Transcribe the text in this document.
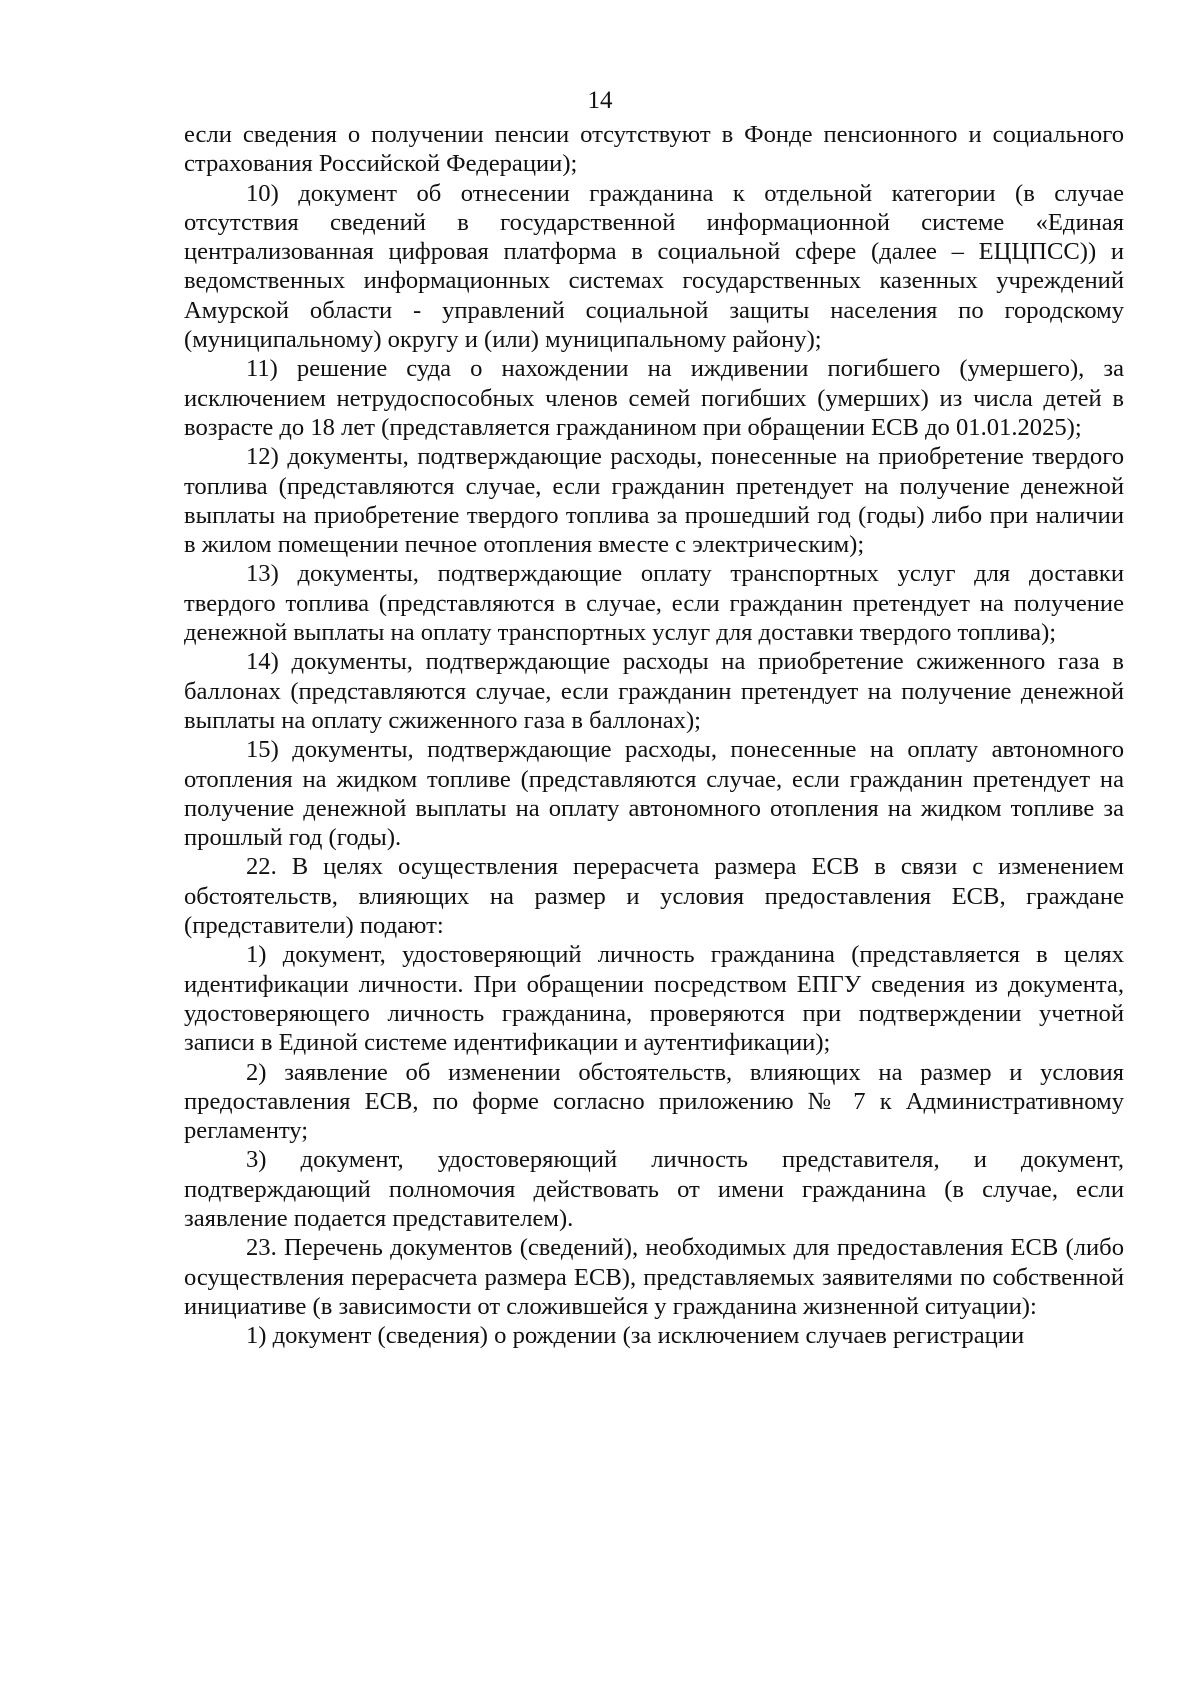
14

если сведения о получении пенсии отсутствуют в Фонде пенсионного и социального страхования Российской Федерации);

10) документ об отнесении гражданина к отдельной категории (в случае отсутствия сведений в государственной информационной системе «Единая централизованная цифровая платформа в социальной сфере (далее – ЕЦЦПСС)) и ведомственных информационных системах государственных казенных учреждений Амурской области - управлений социальной защиты населения по городскому (муниципальному) округу и (или) муниципальному району);

11) решение суда о нахождении на иждивении погибшего (умершего), за исключением нетрудоспособных членов семей погибших (умерших) из числа детей в возрасте до 18 лет (представляется гражданином при обращении ЕСВ до 01.01.2025);

12) документы, подтверждающие расходы, понесенные на приобретение твердого топлива (представляются случае, если гражданин претендует на получение денежной выплаты на приобретение твердого топлива за прошедший год (годы) либо при наличии в жилом помещении печное отопления вместе с электрическим);

13) документы, подтверждающие оплату транспортных услуг для доставки твердого топлива (представляются в случае, если гражданин претендует на получение денежной выплаты на оплату транспортных услуг для доставки твердого топлива);

14) документы, подтверждающие расходы на приобретение сжиженного газа в баллонах (представляются случае, если гражданин претендует на получение денежной выплаты на оплату сжиженного газа в баллонах);

15) документы, подтверждающие расходы, понесенные на оплату автономного отопления на жидком топливе (представляются случае, если гражданин претендует на получение денежной выплаты на оплату автономного отопления на жидком топливе за прошлый год (годы).

22. В целях осуществления перерасчета размера ЕСВ в связи с изменением обстоятельств, влияющих на размер и условия предоставления ЕСВ, граждане (представители) подают:

1) документ, удостоверяющий личность гражданина (представляется в целях идентификации личности. При обращении посредством ЕПГУ сведения из документа, удостоверяющего личность гражданина, проверяются при подтверждении учетной записи в Единой системе идентификации и аутентификации);

2) заявление об изменении обстоятельств, влияющих на размер и условия предоставления ЕСВ, по форме согласно приложению № 7 к Административному регламенту;

3) документ, удостоверяющий личность представителя, и документ, подтверждающий полномочия действовать от имени гражданина (в случае, если заявление подается представителем).

23. Перечень документов (сведений), необходимых для предоставления ЕСВ (либо осуществления перерасчета размера ЕСВ), представляемых заявителями по собственной инициативе (в зависимости от сложившейся у гражданина жизненной ситуации):

1) документ (сведения) о рождении (за исключением случаев регистрации
